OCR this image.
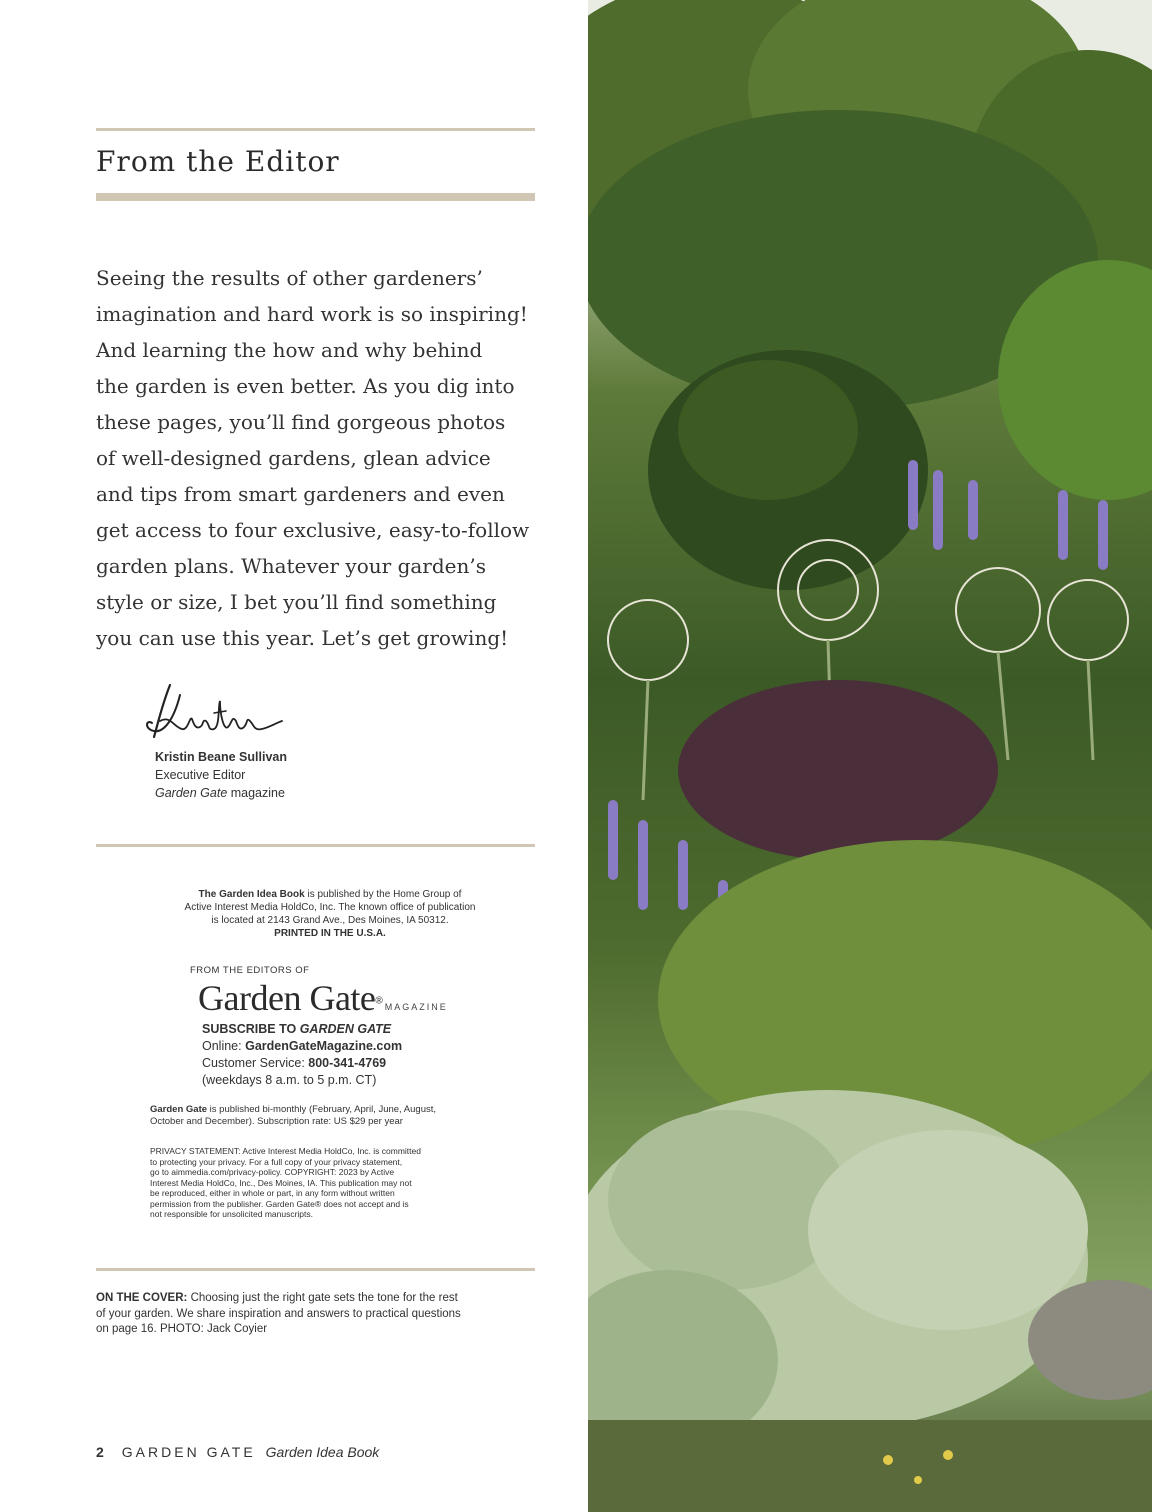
From the Editor

Seeing the results of other gardeners’
imagination and hard work is so inspiring!
And learning the how and why behind
the garden is even better. As you dig into
these pages, you’ll find gorgeous photos
of well-designed gardens, glean advice
and tips from smart gardeners and even
get access to four exclusive, easy-to-follow
garden plans. Whatever your garden’s
style or size, I bet you’ll find something
you can use this year. Let’s get growing!

Kristin Beane Sullivan
Executive Editor
Garden Gate magazine
The Garden Idea Book is published by the Home Group of
Active Interest Media HoldCo, Inc. The known office of publication
is located at 2143 Grand Ave., Des Moines, IA 50312.
PRINTED IN THE U.S.A.
FROM THE EDITORS OF
Garden Gate®MAGAZINE
SUBSCRIBE TO GARDEN GATE
Online: GardenGateMagazine.com
Customer Service: 800-341-4769
(weekdays 8 a.m. to 5 p.m. CT)
Garden Gate is published bi-monthly (February, April, June, August,
October and December). Subscription rate: US $29 per year
PRIVACY STATEMENT: Active Interest Media HoldCo, Inc. is committed
to protecting your privacy. For a full copy of your privacy statement,
go to aimmedia.com/privacy-policy. COPYRIGHT: 2023 by Active
Interest Media HoldCo, Inc., Des Moines, IA. This publication may not
be reproduced, either in whole or part, in any form without written
permission from the publisher. Garden Gate® does not accept and is
not responsible for unsolicited manuscripts.
ON THE COVER: Choosing just the right gate sets the tone for the rest
of your garden. We share inspiration and answers to practical questions
on page 16. PHOTO: Jack Coyier
2 GARDEN GATE Garden Idea Book
